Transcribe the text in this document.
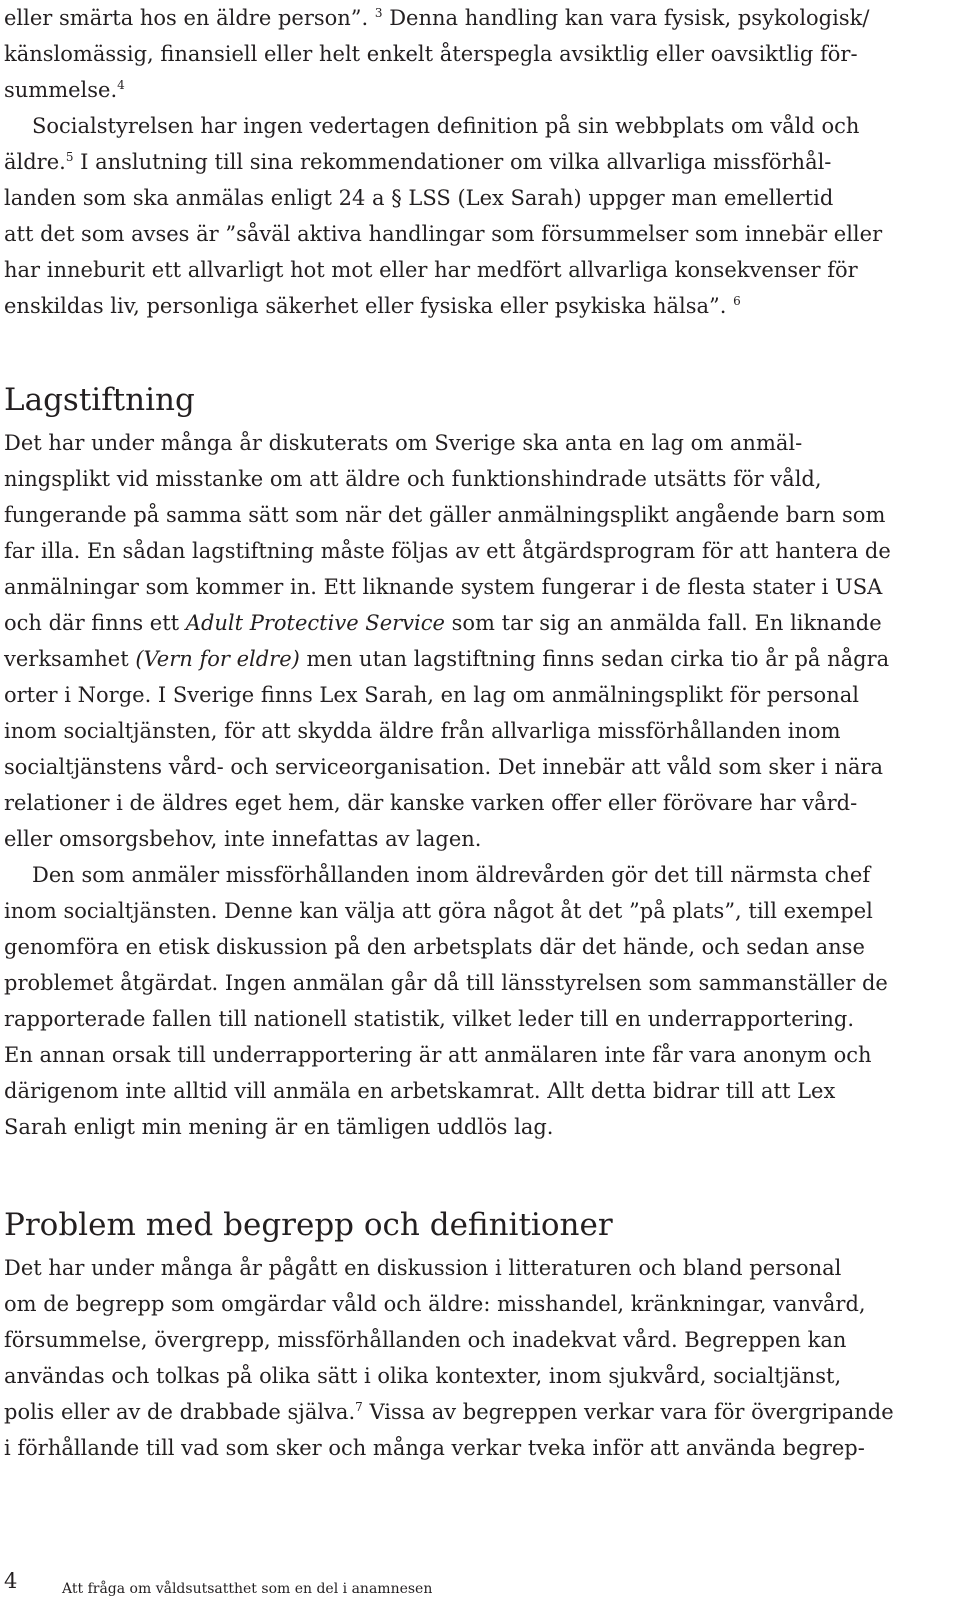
eller smärta hos en äldre person”. $^3$ Denna handling kan vara fysisk, psykologisk/
känslomässig, finansiell eller helt enkelt återspegla avsiktlig eller oavsiktlig för-
summelse.$^4$
Socialstyrelsen har ingen vedertagen definition på sin webbplats om våld och
äldre.$^5$ I anslutning till sina rekommendationer om vilka allvarliga missförhål-
landen som ska anmälas enligt 24 a § LSS (Lex Sarah) uppger man emellertid
att det som avses är ”såväl aktiva handlingar som försummelser som innebär eller
har inneburit ett allvarligt hot mot eller har medfört allvarliga konsekvenser för
enskildas liv, personliga säkerhet eller fysiska eller psykiska hälsa”. $^6$
Lagstiftning
Det har under många år diskuterats om Sverige ska anta en lag om anmäl-
ningsplikt vid misstanke om att äldre och funktionshindrade utsätts för våld,
fungerande på samma sätt som när det gäller anmälningsplikt angående barn som
far illa. En sådan lagstiftning måste följas av ett åtgärdsprogram för att hantera de
anmälningar som kommer in. Ett liknande system fungerar i de flesta stater i USA
och där finns ett Adult Protective Service som tar sig an anmälda fall. En liknande
verksamhet (Vern for eldre) men utan lagstiftning finns sedan cirka tio år på några
orter i Norge. I Sverige finns Lex Sarah, en lag om anmälningsplikt för personal
inom socialtjänsten, för att skydda äldre från allvarliga missförhållanden inom
socialtjänstens vård- och serviceorganisation. Det innebär att våld som sker i nära
relationer i de äldres eget hem, där kanske varken offer eller förövare har vård-
eller omsorgsbehov, inte innefattas av lagen.
Den som anmäler missförhållanden inom äldrevården gör det till närmsta chef
inom socialtjänsten. Denne kan välja att göra något åt det ”på plats”, till exempel
genomföra en etisk diskussion på den arbetsplats där det hände, och sedan anse
problemet åtgärdat. Ingen anmälan går då till länsstyrelsen som sammanställer de
rapporterade fallen till nationell statistik, vilket leder till en underrapportering.
En annan orsak till underrapportering är att anmälaren inte får vara anonym och
därigenom inte alltid vill anmäla en arbetskamrat. Allt detta bidrar till att Lex
Sarah enligt min mening är en tämligen uddlös lag.
Problem med begrepp och definitioner
Det har under många år pågått en diskussion i litteraturen och bland personal
om de begrepp som omgärdar våld och äldre: misshandel, kränkningar, vanvård,
försummelse, övergrepp, missförhållanden och inadekvat vård. Begreppen kan
användas och tolkas på olika sätt i olika kontexter, inom sjukvård, socialtjänst,
polis eller av de drabbade själva.$^7$ Vissa av begreppen verkar vara för övergripande
i förhållande till vad som sker och många verkar tveka inför att använda begrep-
4	Att fråga om våldsutsatthet som en del i anamnesen
